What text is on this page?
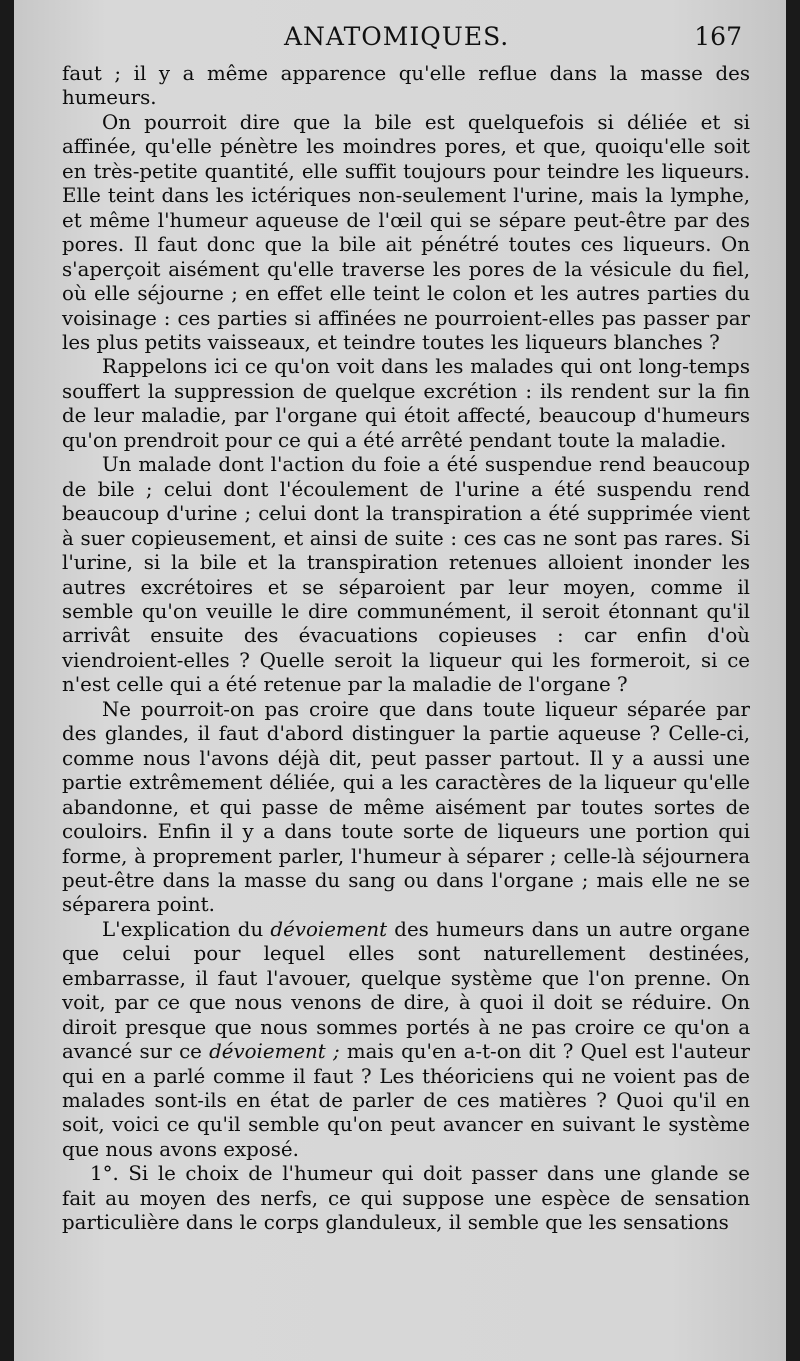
ANATOMIQUES.	167

faut ; il y a même apparence qu'elle reflue dans la masse des humeurs.

On pourroit dire que la bile est quelquefois si déliée et si affinée, qu'elle pénètre les moindres pores, et que, quoiqu'elle soit en très-petite quantité, elle suffit toujours pour teindre les liqueurs. Elle teint dans les ictériques non-seulement l'urine, mais la lymphe, et même l'humeur aqueuse de l'œil qui se sépare peut-être par des pores. Il faut donc que la bile ait pénétré toutes ces liqueurs. On s'aperçoit aisément qu'elle traverse les pores de la vésicule du fiel, où elle séjourne ; en effet elle teint le colon et les autres parties du voisinage : ces parties si affinées ne pourroient-elles pas passer par les plus petits vaisseaux, et teindre toutes les liqueurs blanches ?

Rappelons ici ce qu'on voit dans les malades qui ont long-temps souffert la suppression de quelque excrétion : ils rendent sur la fin de leur maladie, par l'organe qui étoit affecté, beaucoup d'humeurs qu'on prendroit pour ce qui a été arrêté pendant toute la maladie.

Un malade dont l'action du foie a été suspendue rend beaucoup de bile ; celui dont l'écoulement de l'urine a été suspendu rend beaucoup d'urine ; celui dont la transpiration a été supprimée vient à suer copieusement, et ainsi de suite : ces cas ne sont pas rares. Si l'urine, si la bile et la transpiration retenues alloient inonder les autres excrétoires et se séparoient par leur moyen, comme il semble qu'on veuille le dire communément, il seroit étonnant qu'il arrivât ensuite des évacuations copieuses : car enfin d'où viendroient-elles ? Quelle seroit la liqueur qui les formeroit, si ce n'est celle qui a été retenue par la maladie de l'organe ?

Ne pourroit-on pas croire que dans toute liqueur séparée par des glandes, il faut d'abord distinguer la partie aqueuse ? Celle-ci, comme nous l'avons déjà dit, peut passer partout. Il y a aussi une partie extrêmement déliée, qui a les caractères de la liqueur qu'elle abandonne, et qui passe de même aisément par toutes sortes de couloirs. Enfin il y a dans toute sorte de liqueurs une portion qui forme, à proprement parler, l'humeur à séparer ; celle-là séjournera peut-être dans la masse du sang ou dans l'organe ; mais elle ne se séparera point.

L'explication du dévoiement des humeurs dans un autre organe que celui pour lequel elles sont naturellement destinées, embarrasse, il faut l'avouer, quelque système que l'on prenne. On voit, par ce que nous venons de dire, à quoi il doit se réduire. On diroit presque que nous sommes portés à ne pas croire ce qu'on a avancé sur ce dévoiement ; mais qu'en a-t-on dit ? Quel est l'auteur qui en a parlé comme il faut ? Les théoriciens qui ne voient pas de malades sont-ils en état de parler de ces matières ? Quoi qu'il en soit, voici ce qu'il semble qu'on peut avancer en suivant le système que nous avons exposé.

1°. Si le choix de l'humeur qui doit passer dans une glande se fait au moyen des nerfs, ce qui suppose une espèce de sensation particulière dans le corps glanduleux, il semble que les sensations
